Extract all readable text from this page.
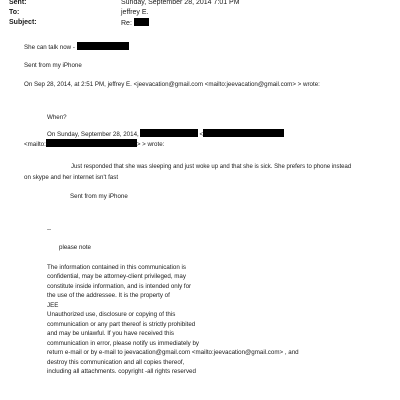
Sent:	Sunday, September 28, 2014 7:01 PM
To:	jeffrey E.
Subject:	Re:
She can talk now -
Sent from my iPhone
On Sep 28, 2014, at 2:51 PM, jeffrey E. <jeevacation@gmail.com <mailto:jeevacation@gmail.com> > wrote:
When?
On Sunday, September 28, 2014,	<
<mailto:	> > wrote:
Just responded that she was sleeping and just woke up and that she is sick. She prefers to phone instead
on skype and her internet isn't fast
Sent from my iPhone
--
please note
The information contained in this communication is
confidential, may be attorney-client privileged, may
constitute inside information, and is intended only for
the use of the addressee. It is the property of
JEE
Unauthorized use, disclosure or copying of this
communication or any part thereof is strictly prohibited
and may be unlawful. If you have received this
communication in error, please notify us immediately by
return e-mail or by e-mail to jeevacation@gmail.com <mailto:jeevacation@gmail.com> , and
destroy this communication and all copies thereof,
including all attachments. copyright -all rights reserved
